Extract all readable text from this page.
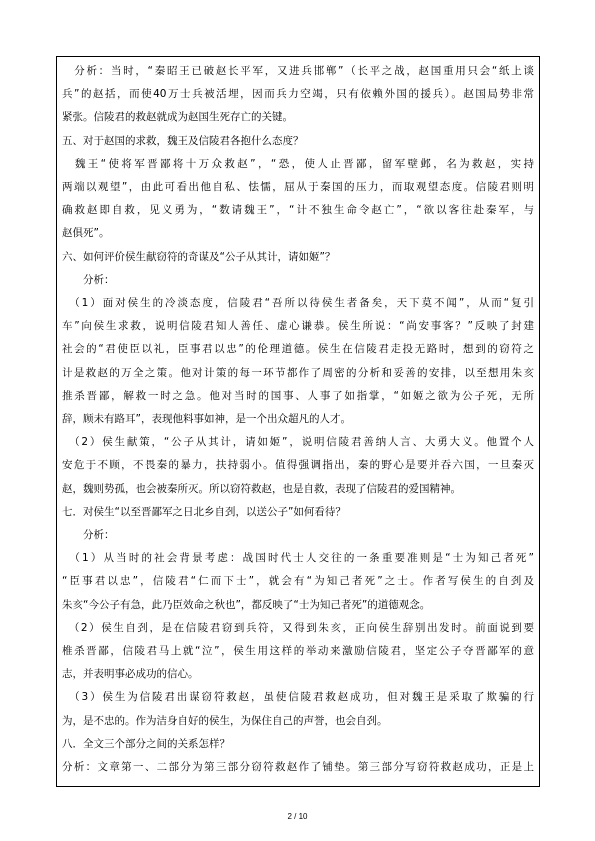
　分析：当时，“秦昭王已破赵长平军，又进兵邯郸”（长平之战，赵国重用只会“纸上谈
兵”的赵括，而使40万士兵被活埋，因而兵力空竭，只有依赖外国的援兵）。赵国局势非常
紧张。信陵君的救赵就成为赵国生死存亡的关键。
五、对于赵国的求救，魏王及信陵君各抱什么态度？
　魏王“使将军晋鄙将十万众救赵”，“恐，使人止晋鄙，留军壁邺，名为救赵，实持
两端以观望”，由此可看出他自私、怯懦，屈从于秦国的压力，而取观望态度。信陵君则明
确救赵即自救，见义勇为，“数请魏王”，“计不独生命令赵亡”，“欲以客往赴秦军，与
赵俱死”。
六、如何评价侯生献窃符的奇谋及“公子从其计，请如姬”？
　　分析：
　（1）面对侯生的冷淡态度，信陵君“吾所以待侯生者备矣，天下莫不闻”，从而“复引
车”向侯生求救，说明信陵君知人善任、虚心谦恭。侯生所说：“尚安事客？”反映了封建
社会的“君使臣以礼，臣事君以忠”的伦理道德。侯生在信陵君走投无路时，想到的窃符之
计是救赵的万全之策。他对计策的每一环节都作了周密的分析和妥善的安排，以至想用朱亥
推杀晋鄙，解救一时之急。他对当时的国事、人事了如指掌，“如姬之欲为公子死，无所
辞，顾未有路耳”，表现他料事如神，是一个出众超凡的人才。
　（2）侯生献策，“公子从其计，请如姬”，说明信陵君善纳人言、大勇大义。他置个人
安危于不顾，不畏秦的暴力，扶持弱小。值得强调指出，秦的野心是要并吞六国，一旦秦灭
赵，魏则势孤，也会被秦所灭。所以窃符救赵，也是自救，表现了信陵君的爱国精神。
七．对侯生“以至晋鄙军之日北乡自刭，以送公子”如何看待？
　　分析：
　（1）从当时的社会背景考虑：战国时代士人交往的一条重要准则是“士为知己者死”
“臣事君以忠”，信陵君“仁而下士”，就会有“为知己者死”之士。作者写侯生的自刭及
朱亥“今公子有急，此乃臣效命之秋也”，都反映了“士为知己者死”的道德观念。
　（2）侯生自刭，是在信陵君窃到兵符，又得到朱亥，正向侯生辞别出发时。前面说到要
椎杀晋鄙，信陵君马上就“泣”，侯生用这样的举动来激励信陵君，坚定公子夺晋鄙军的意
志，并表明事必成功的信心。
　（3）侯生为信陵君出谋窃符救赵，虽使信陵君救赵成功，但对魏王是采取了欺骗的行
为，是不忠的。作为洁身自好的侯生，为保住自己的声誉，也会自刭。
八．全文三个部分之间的关系怎样？
分析：文章第一、二部分为第三部分窃符救赵作了铺垫。第三部分写窃符救赵成功，正是上
2 / 10
